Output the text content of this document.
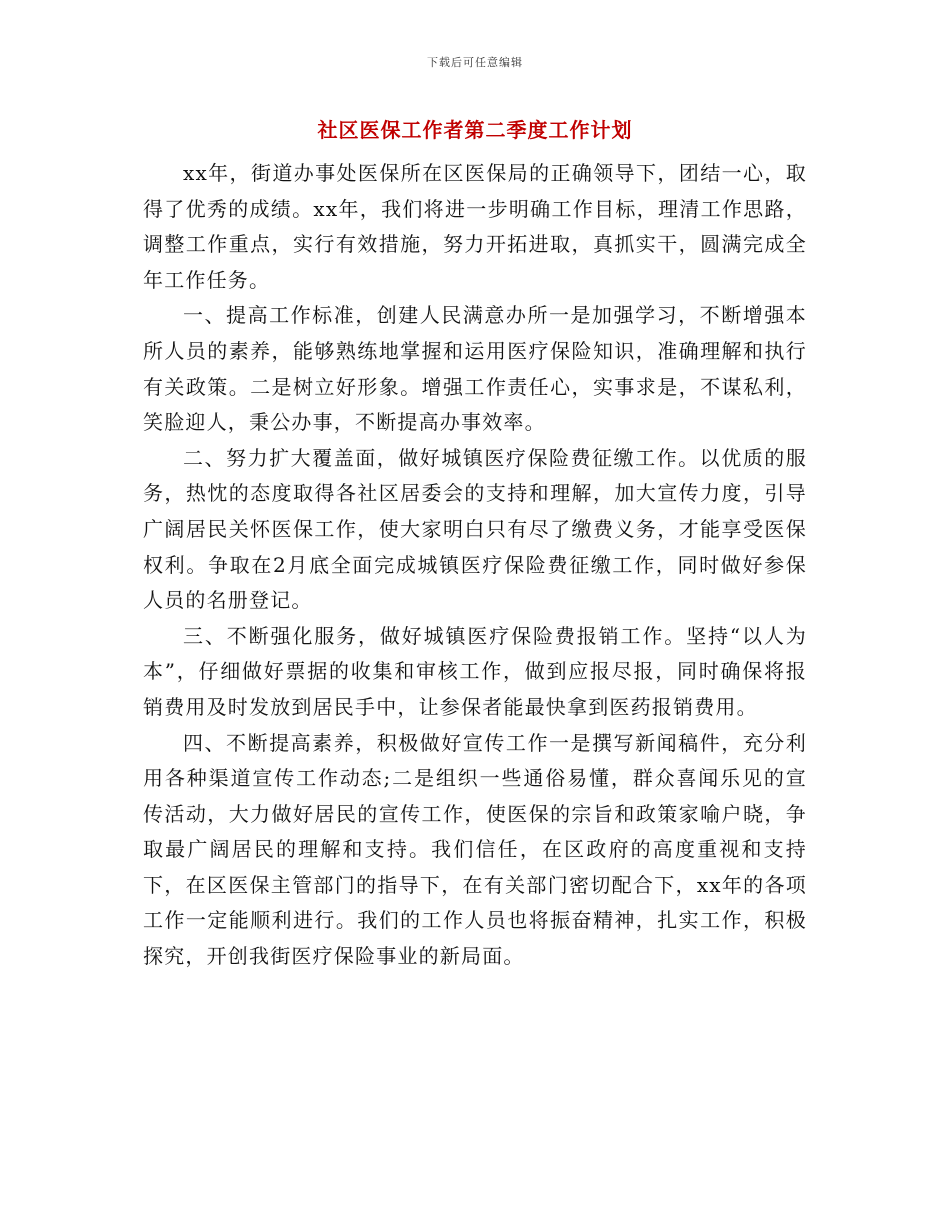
下载后可任意编辑
社区医保工作者第二季度工作计划

xx年，街道办事处医保所在区医保局的正确领导下，团结一心，取得了优秀的成绩。xx年，我们将进一步明确工作目标，理清工作思路，调整工作重点，实行有效措施，努力开拓进取，真抓实干，圆满完成全年工作任务。

一、提高工作标准，创建人民满意办所一是加强学习，不断增强本所人员的素养，能够熟练地掌握和运用医疗保险知识，准确理解和执行有关政策。二是树立好形象。增强工作责任心，实事求是，不谋私利，笑脸迎人，秉公办事，不断提高办事效率。

二、努力扩大覆盖面，做好城镇医疗保险费征缴工作。以优质的服务，热忱的态度取得各社区居委会的支持和理解，加大宣传力度，引导广阔居民关怀医保工作，使大家明白只有尽了缴费义务，才能享受医保权利。争取在2月底全面完成城镇医疗保险费征缴工作，同时做好参保人员的名册登记。

三、不断强化服务，做好城镇医疗保险费报销工作。坚持“以人为本”，仔细做好票据的收集和审核工作，做到应报尽报，同时确保将报销费用及时发放到居民手中，让参保者能最快拿到医药报销费用。

四、不断提高素养，积极做好宣传工作一是撰写新闻稿件，充分利用各种渠道宣传工作动态;二是组织一些通俗易懂，群众喜闻乐见的宣传活动，大力做好居民的宣传工作，使医保的宗旨和政策家喻户晓，争取最广阔居民的理解和支持。我们信任，在区政府的高度重视和支持下，在区医保主管部门的指导下，在有关部门密切配合下，xx年的各项工作一定能顺利进行。我们的工作人员也将振奋精神，扎实工作，积极探究，开创我街医疗保险事业的新局面。
